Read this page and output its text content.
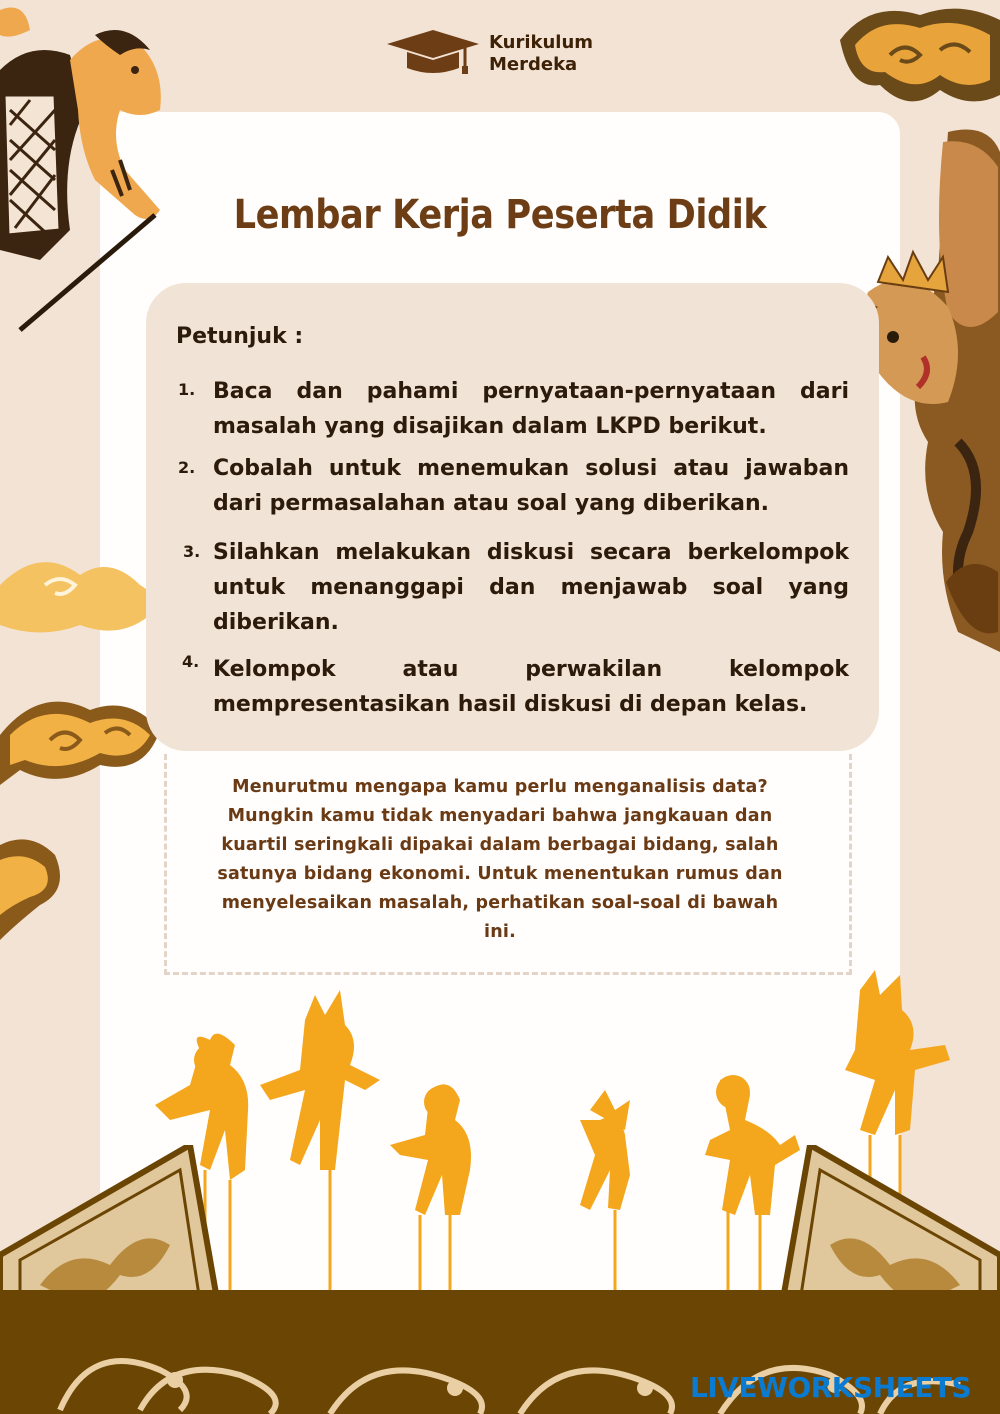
Kurikulum
Merdeka
Lembar Kerja Peserta Didik
Petunjuk :
1. Baca dan pahami pernyataan-pernyataan dari masalah yang disajikan dalam LKPD berikut.
2. Cobalah untuk menemukan solusi atau jawaban dari permasalahan atau soal yang diberikan.
3. Silahkan melakukan diskusi secara berkelompok untuk menanggapi dan menjawab soal yang diberikan.
4. Kelompok atau perwakilan kelompok mempresentasikan hasil diskusi di depan kelas.
Menurutmu mengapa kamu perlu menganalisis data? Mungkin kamu tidak menyadari bahwa jangkauan dan kuartil seringkali dipakai dalam berbagai bidang, salah satunya bidang ekonomi. Untuk menentukan rumus dan menyelesaikan masalah, perhatikan soal-soal di bawah ini.
LIVEWORKSHEETS
